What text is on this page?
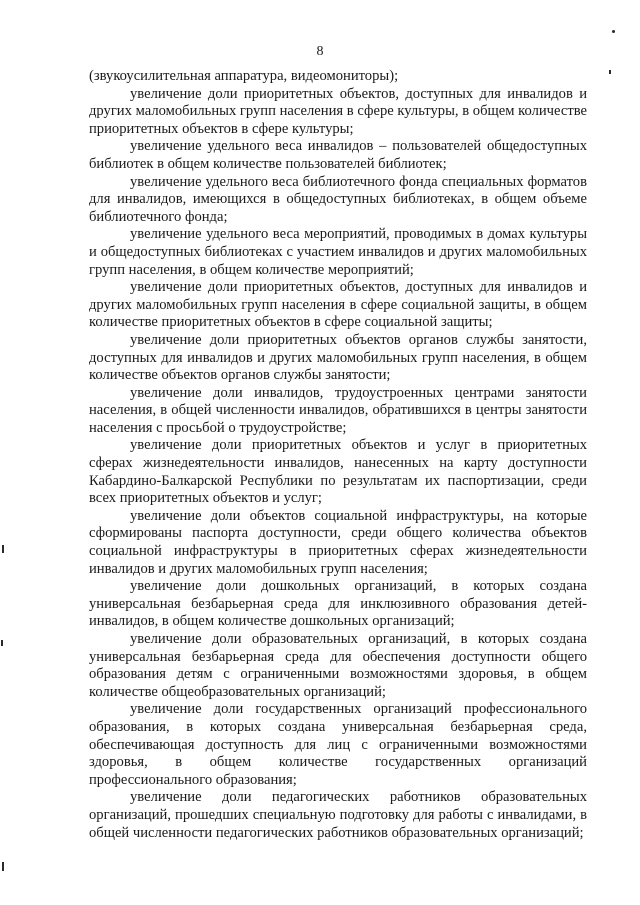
8

(звукоусилительная аппаратура, видеомониторы);

увеличение доли приоритетных объектов, доступных для инвалидов и других маломобильных групп населения в сфере культуры, в общем количестве приоритетных объектов в сфере культуры;

увеличение удельного веса инвалидов – пользователей общедоступных библиотек в общем количестве пользователей библиотек;

увеличение удельного веса библиотечного фонда специальных форматов для инвалидов, имеющихся в общедоступных библиотеках, в общем объеме библиотечного фонда;

увеличение удельного веса мероприятий, проводимых в домах культуры и общедоступных библиотеках с участием инвалидов и других маломобильных групп населения, в общем количестве мероприятий;

увеличение доли приоритетных объектов, доступных для инвалидов и других маломобильных групп населения в сфере социальной защиты, в общем количестве приоритетных объектов в сфере социальной защиты;

увеличение доли приоритетных объектов органов службы занятости, доступных для инвалидов и других маломобильных групп населения, в общем количестве объектов органов службы занятости;

увеличение доли инвалидов, трудоустроенных центрами занятости населения, в общей численности инвалидов, обратившихся в центры занятости населения с просьбой о трудоустройстве;

увеличение доли приоритетных объектов и услуг в приоритетных сферах жизнедеятельности инвалидов, нанесенных на карту доступности Кабардино-Балкарской Республики по результатам их паспортизации, среди всех приоритетных объектов и услуг;

увеличение доли объектов социальной инфраструктуры, на которые сформированы паспорта доступности, среди общего количества объектов социальной инфраструктуры в приоритетных сферах жизнедеятельности инвалидов и других маломобильных групп населения;

увеличение доли дошкольных организаций, в которых создана универсальная безбарьерная среда для инклюзивного образования детей-инвалидов, в общем количестве дошкольных организаций;

увеличение доли образовательных организаций, в которых создана универсальная безбарьерная среда для обеспечения доступности общего образования детям с ограниченными возможностями здоровья, в общем количестве общеобразовательных организаций;

увеличение доли государственных организаций профессионального образования, в которых создана универсальная безбарьерная среда, обеспечивающая доступность для лиц с ограниченными возможностями здоровья, в общем количестве государственных организаций профессионального образования;

увеличение доли педагогических работников образовательных организаций, прошедших специальную подготовку для работы с инвалидами, в общей численности педагогических работников образовательных организаций;
